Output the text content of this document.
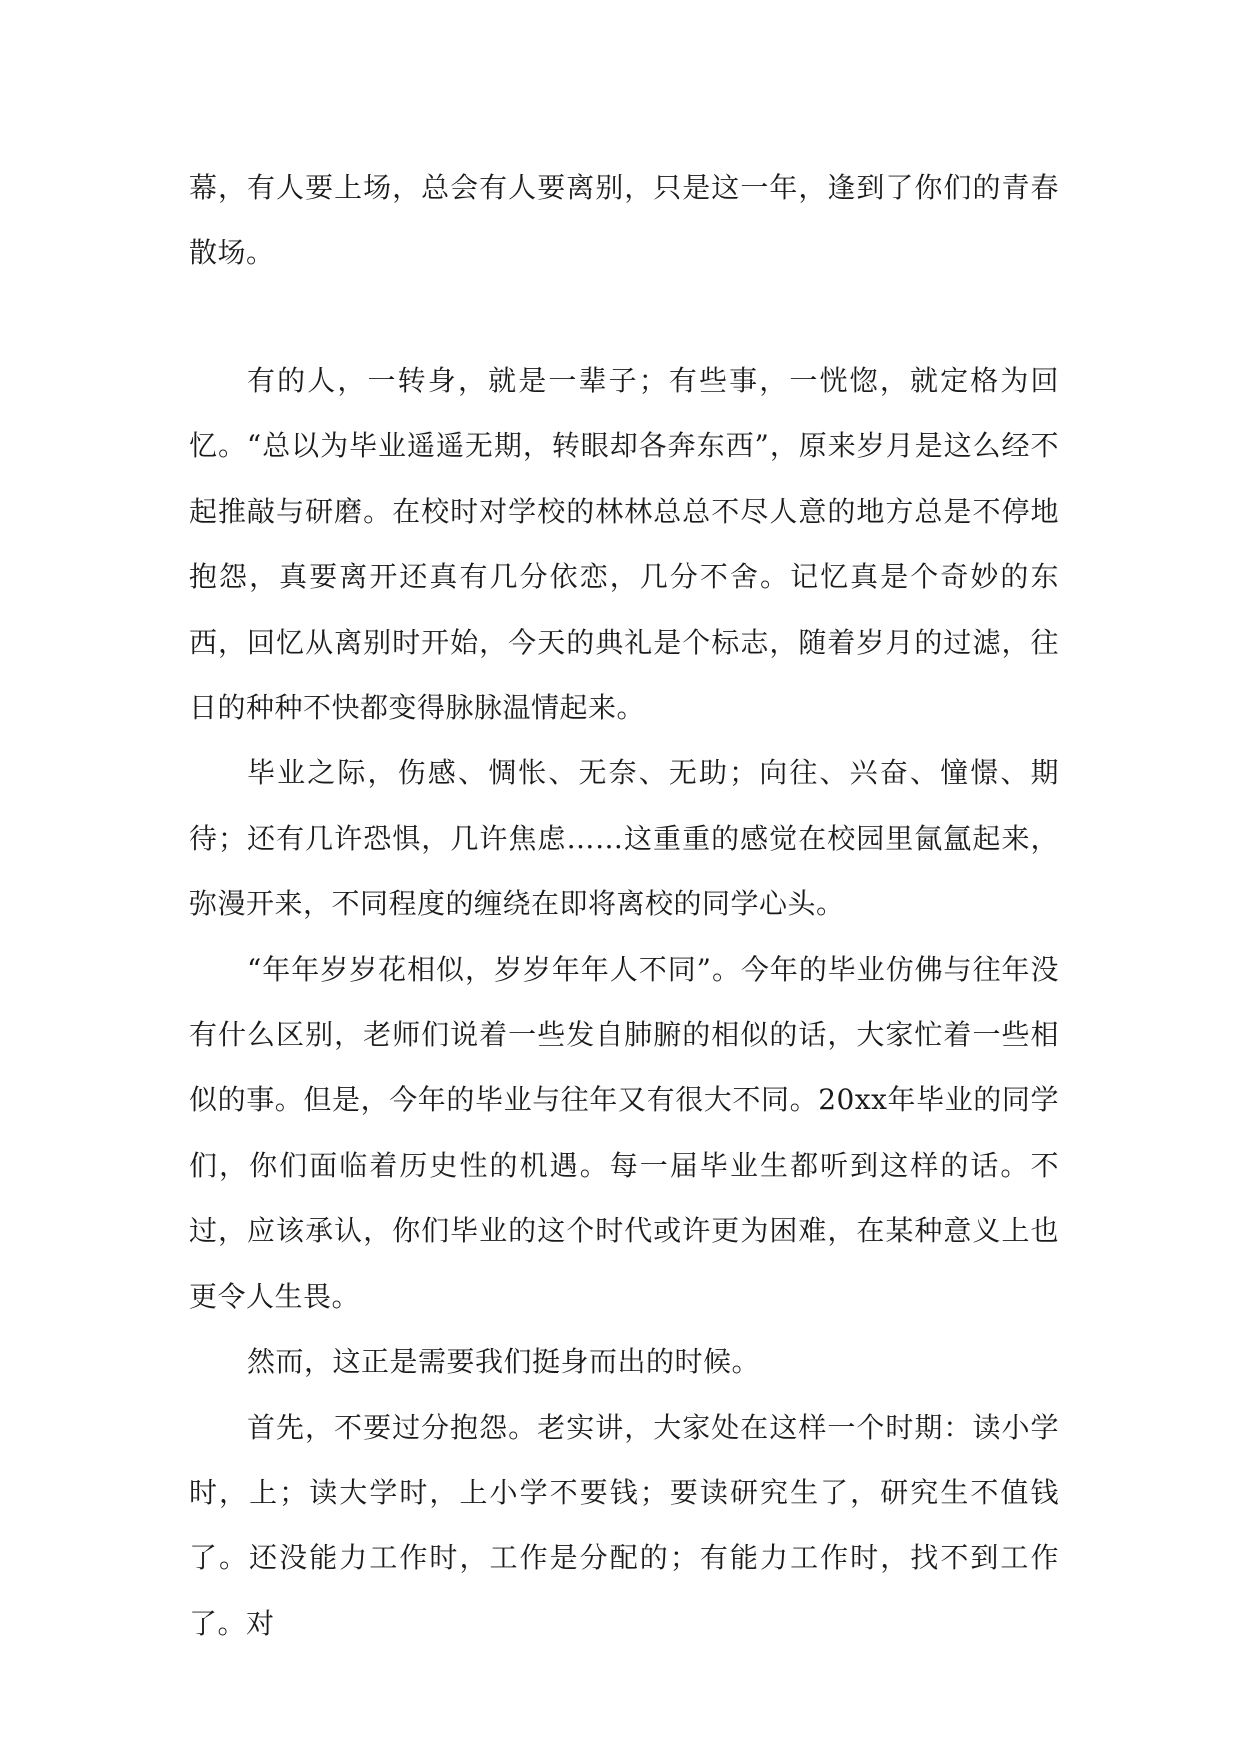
幕，有人要上场，总会有人要离别，只是这一年，逢到了你们的青春散场。

有的人，一转身，就是一辈子；有些事，一恍惚，就定格为回忆。“总以为毕业遥遥无期，转眼却各奔东西”，原来岁月是这么经不起推敲与研磨。在校时对学校的林林总总不尽人意的地方总是不停地抱怨，真要离开还真有几分依恋，几分不舍。记忆真是个奇妙的东西，回忆从离别时开始，今天的典礼是个标志，随着岁月的过滤，往日的种种不快都变得脉脉温情起来。

毕业之际，伤感、惆怅、无奈、无助；向往、兴奋、憧憬、期待；还有几许恐惧，几许焦虑……这重重的感觉在校园里氤氲起来，弥漫开来，不同程度的缠绕在即将离校的同学心头。

“年年岁岁花相似，岁岁年年人不同”。今年的毕业仿佛与往年没有什么区别，老师们说着一些发自肺腑的相似的话，大家忙着一些相似的事。但是，今年的毕业与往年又有很大不同。20xx年毕业的同学们，你们面临着历史性的机遇。每一届毕业生都听到这样的话。不过，应该承认，你们毕业的这个时代或许更为困难，在某种意义上也更令人生畏。

然而，这正是需要我们挺身而出的时候。

首先，不要过分抱怨。老实讲，大家处在这样一个时期：读小学时，上；读大学时，上小学不要钱；要读研究生了，研究生不值钱了。还没能力工作时，工作是分配的；有能力工作时，找不到工作了。对
